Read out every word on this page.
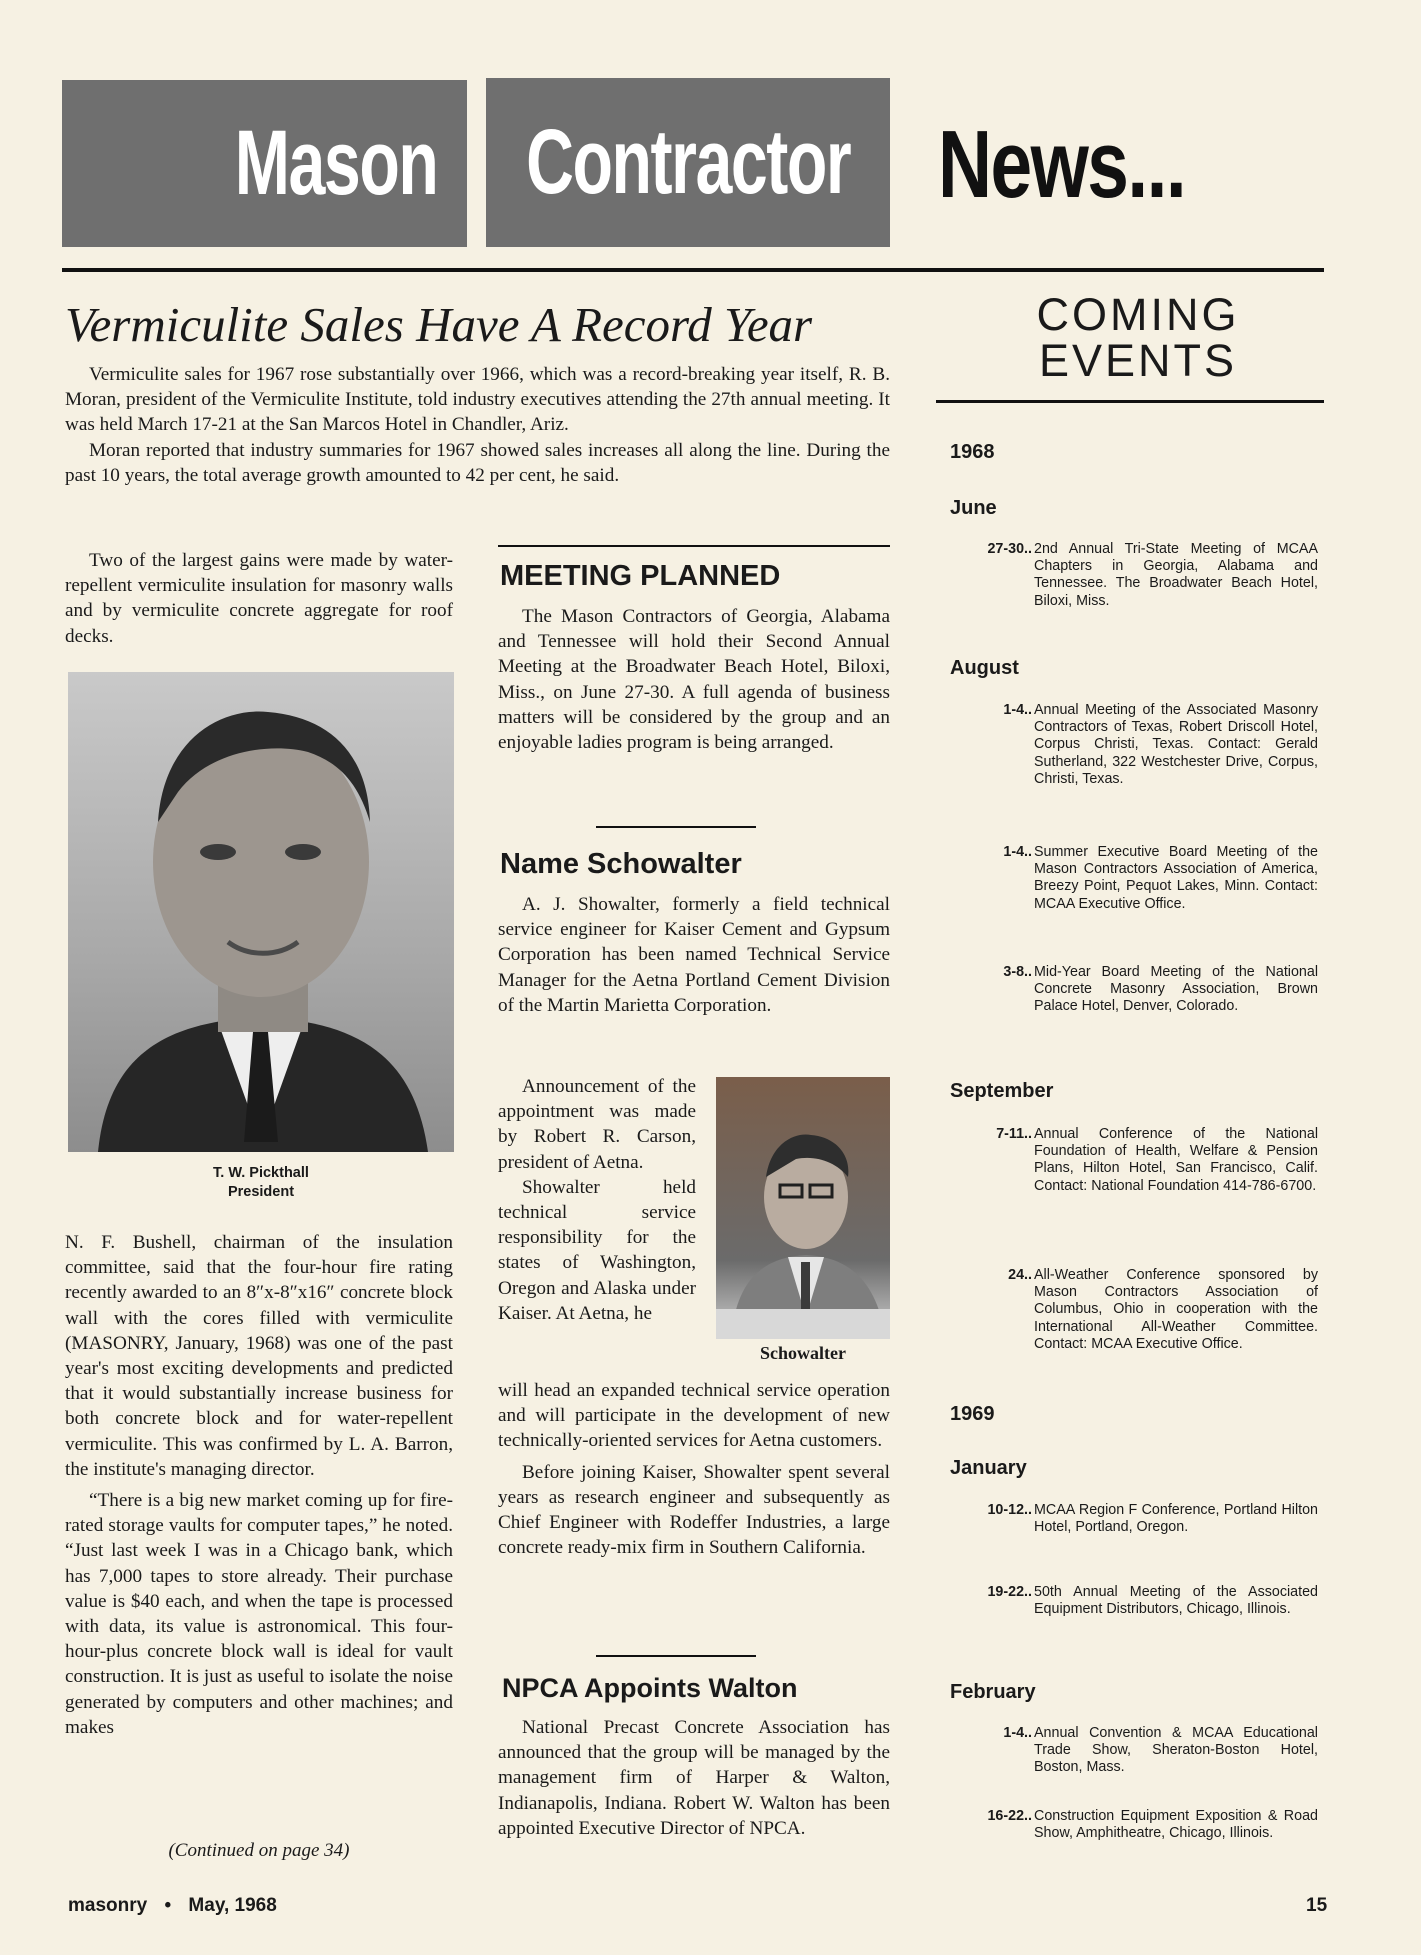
Mason Contractor News...
Vermiculite Sales Have A Record Year

Vermiculite sales for 1967 rose substantially over 1966, which was a record-breaking year itself, R. B. Moran, president of the Vermiculite Institute, told industry executives attending the 27th annual meeting. It was held March 17-21 at the San Marcos Hotel in Chandler, Ariz.

Moran reported that industry summaries for 1967 showed sales increases all along the line. During the past 10 years, the total average growth amounted to 42 per cent, he said.

Two of the largest gains were made by water-repellent vermiculite insulation for masonry walls and by vermiculite concrete aggregate for roof decks.

T. W. Pickthall
President

N. F. Bushell, chairman of the insulation committee, said that the four-hour fire rating recently awarded to an 8″x-8″x16″ concrete block wall with the cores filled with vermiculite (MASONRY, January, 1968) was one of the past year's most exciting developments and predicted that it would substantially increase business for both concrete block and for water-repellent vermiculite. This was confirmed by L. A. Barron, the institute's managing director.

“There is a big new market coming up for fire-rated storage vaults for computer tapes,” he noted. “Just last week I was in a Chicago bank, which has 7,000 tapes to store already. Their purchase value is $40 each, and when the tape is processed with data, its value is astronomical. This four-hour-plus concrete block wall is ideal for vault construction. It is just as useful to isolate the noise generated by computers and other machines; and makes

(Continued on page 34)
MEETING PLANNED

The Mason Contractors of Georgia, Alabama and Tennessee will hold their Second Annual Meeting at the Broadwater Beach Hotel, Biloxi, Miss., on June 27-30. A full agenda of business matters will be considered by the group and an enjoyable ladies program is being arranged.

Name Schowalter

A. J. Showalter, formerly a field technical service engineer for Kaiser Cement and Gypsum Corporation has been named Technical Service Manager for the Aetna Portland Cement Division of the Martin Marietta Corporation.

Announcement of the appointment was made by Robert R. Carson, president of Aetna.

Showalter held technical service responsibility for the states of Washington, Oregon and Alaska under Kaiser. At Aetna, he

Schowalter

will head an expanded technical service operation and will participate in the development of new technically-oriented services for Aetna customers.

Before joining Kaiser, Showalter spent several years as research engineer and subsequently as Chief Engineer with Rodeffer Industries, a large concrete ready-mix firm in Southern California.

NPCA Appoints Walton

National Precast Concrete Association has announced that the group will be managed by the management firm of Harper & Walton, Indianapolis, Indiana. Robert W. Walton has been appointed Executive Director of NPCA.

COMING
EVENTS
1968
June
27-30.. 2nd Annual Tri-State Meeting of MCAA Chapters in Georgia, Alabama and Tennessee. The Broadwater Beach Hotel, Biloxi, Miss.
August
1-4.. Annual Meeting of the Associated Masonry Contractors of Texas, Robert Driscoll Hotel, Corpus Christi, Texas. Contact: Gerald Sutherland, 322 Westchester Drive, Corpus, Christi, Texas.
1-4.. Summer Executive Board Meeting of the Mason Contractors Association of America, Breezy Point, Pequot Lakes, Minn. Contact: MCAA Executive Office.
3-8.. Mid-Year Board Meeting of the National Concrete Masonry Association, Brown Palace Hotel, Denver, Colorado.
September
7-11.. Annual Conference of the National Foundation of Health, Welfare & Pension Plans, Hilton Hotel, San Francisco, Calif. Contact: National Foundation 414-786-6700.
24.. All-Weather Conference sponsored by Mason Contractors Association of Columbus, Ohio in cooperation with the International All-Weather Committee. Contact: MCAA Executive Office.
1969
January
10-12.. MCAA Region F Conference, Portland Hilton Hotel, Portland, Oregon.
19-22.. 50th Annual Meeting of the Associated Equipment Distributors, Chicago, Illinois.
February
1-4.. Annual Convention & MCAA Educational Trade Show, Sheraton-Boston Hotel, Boston, Mass.
16-22.. Construction Equipment Exposition & Road Show, Amphitheatre, Chicago, Illinois.
masonry • May, 1968	15
